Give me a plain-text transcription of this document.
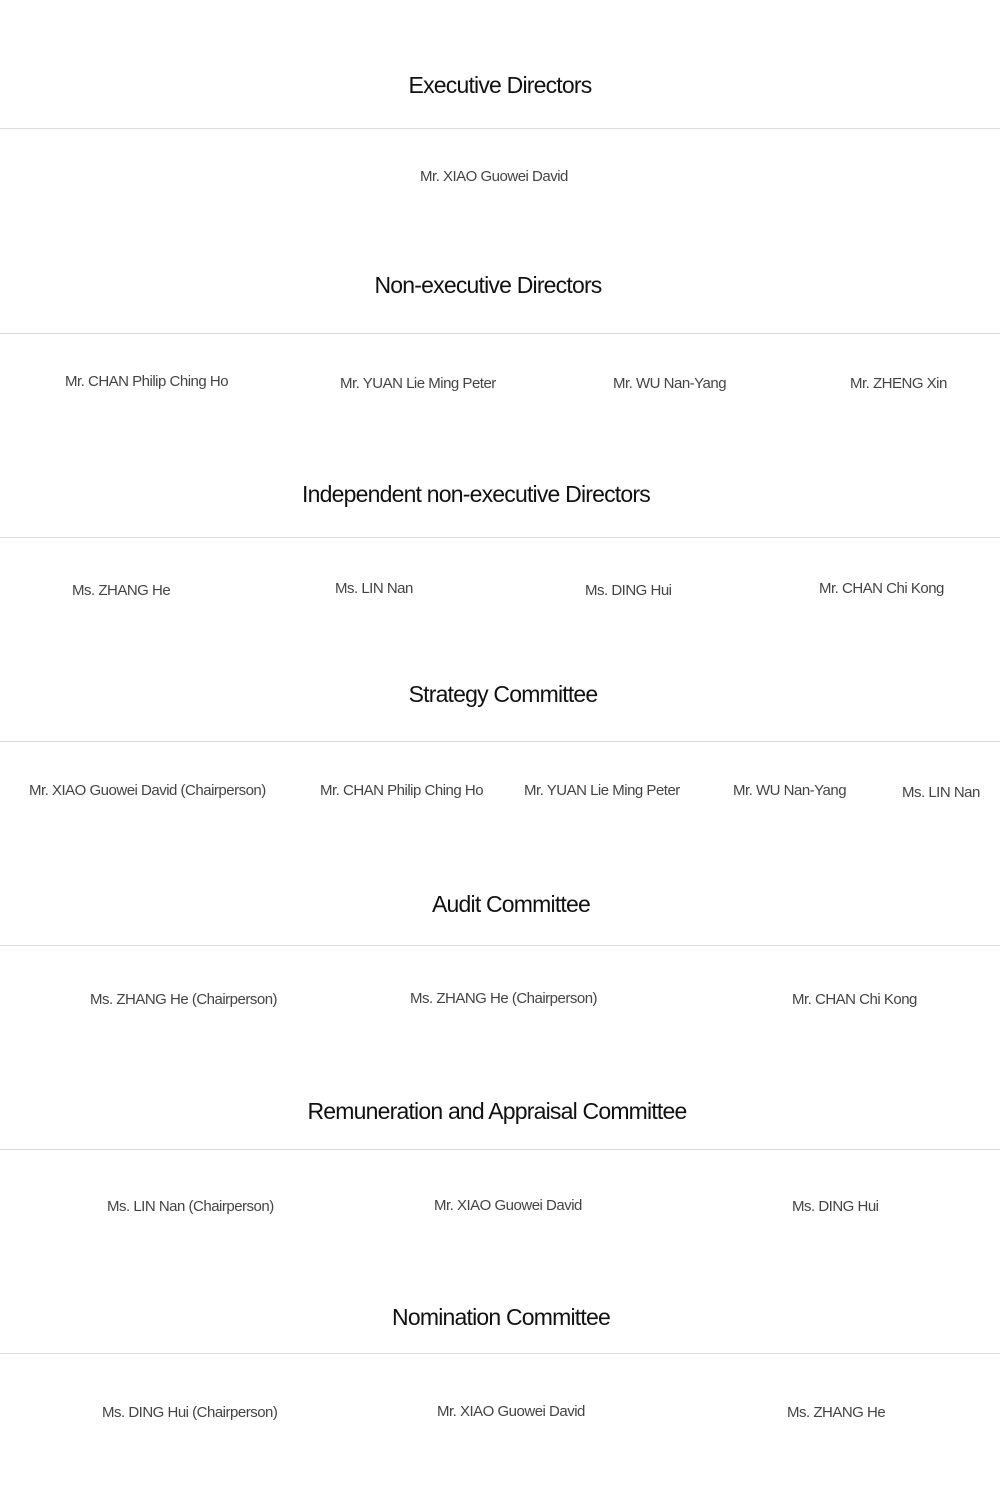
Executive Directors
Mr. XIAO Guowei David
Non-executive Directors
Mr. CHAN Philip Ching Ho	Mr. YUAN Lie Ming Peter	Mr. WU Nan-Yang	Mr. ZHENG Xin
Independent non-executive Directors
Ms. ZHANG He	Ms. LIN Nan	Ms. DING Hui	Mr. CHAN Chi Kong
Strategy Committee
Mr. XIAO Guowei David (Chairperson)	Mr. CHAN Philip Ching Ho	Mr. YUAN Lie Ming Peter	Mr. WU Nan-Yang	Ms. LIN Nan
Audit Committee
Ms. ZHANG He (Chairperson)	Ms. ZHANG He (Chairperson)	Mr. CHAN Chi Kong
Remuneration and Appraisal Committee
Ms. LIN Nan (Chairperson)	Mr. XIAO Guowei David	Ms. DING Hui
Nomination Committee
Ms. DING Hui (Chairperson)	Mr. XIAO Guowei David	Ms. ZHANG He
